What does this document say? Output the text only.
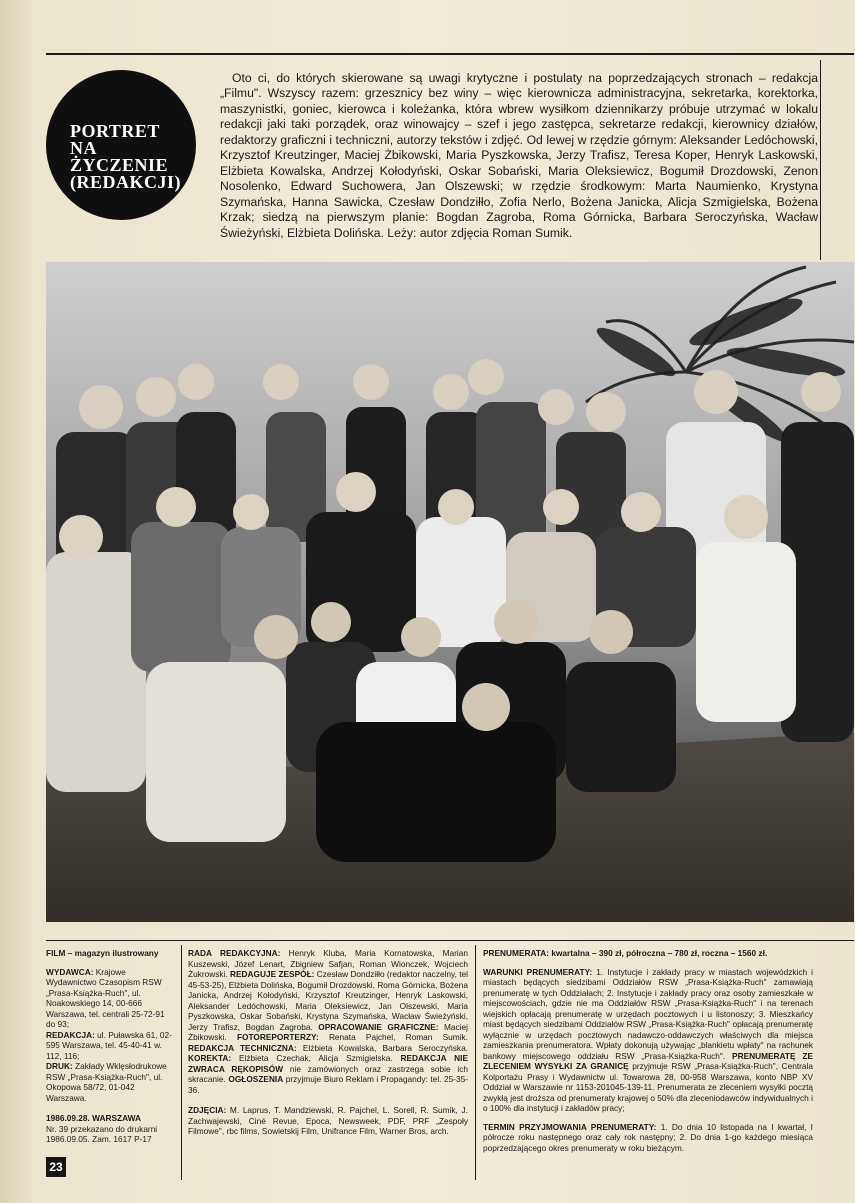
PORTRET
NA
ŻYCZENIE
(REDAKCJI)
Oto ci, do których skierowane są uwagi krytyczne i postulaty na poprzedzających stronach – redakcja „Filmu". Wszyscy razem: grzesznicy bez winy – więc kierownicza administracyjna, sekretarka, korektorka, maszynistki, goniec, kierowca i koleżanka, która wbrew wysiłkom dziennikarzy próbuje utrzymać w lokalu redakcji jaki taki porządek, oraz winowajcy – szef i jego zastępca, sekretarze redakcji, kierownicy działów, redaktorzy graficzni i techniczni, autorzy tekstów i zdjęć. Od lewej w rzędzie górnym: Aleksander Ledóchowski, Krzysztof Kreutzinger, Maciej Żbikowski, Maria Pyszkowska, Jerzy Trafisz, Teresa Koper, Henryk Laskowski, Elżbieta Kowalska, Andrzej Kołodyński, Oskar Sobański, Maria Oleksiewicz, Bogumił Drozdowski, Zenon Nosolenko, Edward Suchowera, Jan Olszewski; w rzędzie środkowym: Marta Naumienko, Krystyna Szymańska, Hanna Sawicka, Czesław Dondziłło, Zofia Nerlo, Bożena Janicka, Alicja Szmigielska, Bożena Krzak; siedzą na pierwszym planie: Bogdan Zagroba, Roma Górnicka, Barbara Seroczyńska, Wacław Świeżyński, Elżbieta Dolińska. Leży: autor zdjęcia Roman Sumik.

FILM – magazyn ilustrowany

WYDAWCA: Krajowe Wydawnictwo Czasopism RSW „Prasa-Książka-Ruch", ul. Noakowskiego 14, 00-666 Warszawa, tel. centrali 25-72-91 do 93;

REDAKCJA: ul. Puławska 61, 02-595 Warszawa, tel. 45-40-41 w. 112, 116;

DRUK: Zakłady Wklęsłodrukowe RSW „Prasa-Książka-Ruch", ul. Okopowa 58/72, 01-042 Warszawa.

1986.09.28. WARSZAWA

Nr. 39 przekazano do drukarni 1986.09.05. Zam. 1617 P-17

RADA REDAKCYJNA: Henryk Kluba, Maria Kornatowska, Marian Kuszewski, Józef Lenart, Zbigniew Safjan, Roman Wionczek, Wojciech Żukrowski. REDAGUJE ZESPÓŁ: Czesław Dondziłło (redaktor naczelny, tel 45-53-25), Elżbieta Dolińska, Bogumił Drozdowski, Roma Górnicka, Bożena Janicka, Andrzej Kołodyński, Krzysztof Kreutzinger, Henryk Laskowski, Aleksander Ledóchowski, Maria Oleksiewicz, Jan Olszewski, Maria Pyszkowska, Oskar Sobański, Krystyna Szymańska, Wacław Świeżyński, Jerzy Trafisz, Bogdan Zagroba. OPRACOWANIE GRAFICZNE: Maciej Żbikowski. FOTOREPORTERZY: Renata Pajchel, Roman Sumik. REDAKCJA TECHNICZNA: Elżbieta Kowalska, Barbara Seroczyńska. KOREKTA: Elżbieta Czechak, Alicja Szmigielska. REDAKCJA NIE ZWRACA RĘKOPISÓW nie zamówionych oraz zastrzega sobie ich skracanie. OGŁOSZENIA przyjmuje Biuro Reklam i Propagandy: tel. 25-35-36.

ZDJĘCIA: M. Laprus, T. Mandziewski, R. Pajchel, L. Sorell, R. Sumik, J. Zachwajewski, Ciné Revue, Epoca, Newsweek, PDF, PRF „Zespoły Filmowe", rbc films, Sowietskij Film, Unifrance Film, Warner Bros, arch.

PRENUMERATA: kwartalna – 390 zł, półroczna – 780 zł, roczna – 1560 zł.

WARUNKI PRENUMERATY: 1. Instytucje i zakłady pracy w miastach wojewódzkich i miastach będących siedzibami Oddziałów RSW „Prasa-Książka-Ruch" zamawiają prenumeratę w tych Oddziałach; 2. Instytucje i zakłady pracy oraz osoby zamieszkałe w miejscowościach, gdzie nie ma Oddziałów RSW „Prasa-Książka-Ruch" i na terenach wiejskich opłacają prenumeratę w urzędach pocztowych i u listonoszy; 3. Mieszkańcy miast będących siedzibami Oddziałów RSW „Prasa-Książka-Ruch" opłacają prenumeratę wyłącznie w urzędach pocztowych nadawczo-oddawczych właściwych dla miejsca zamieszkania prenumeratora. Wpłaty dokonują używając „blankietu wpłaty" na rachunek bankowy miejscowego oddziału RSW „Prasa-Książka-Ruch". PRENUMERATĘ ZE ZLECENIEM WYSYŁKI ZA GRANICĘ przyjmuje RSW „Prasa-Książka-Ruch", Centrala Kolportażu Prasy i Wydawnictw ul. Towarowa 28, 00-958 Warszawa, konto NBP XV Oddział w Warszawie nr 1153-201045-139-11. Prenumerata ze zleceniem wysyłki pocztą zwykłą jest droższa od prenumeraty krajowej o 50% dla zleceniodawców indywidualnych i o 100% dla instytucji i zakładów pracy;

TERMIN PRZYJMOWANIA PRENUMERATY: 1. Do dnia 10 listopada na I kwartał, I półrocze roku następnego oraz cały rok następny; 2. Do dnia 1-go każdego miesiąca poprzedzającego okres prenumeraty w roku bieżącym.

23
